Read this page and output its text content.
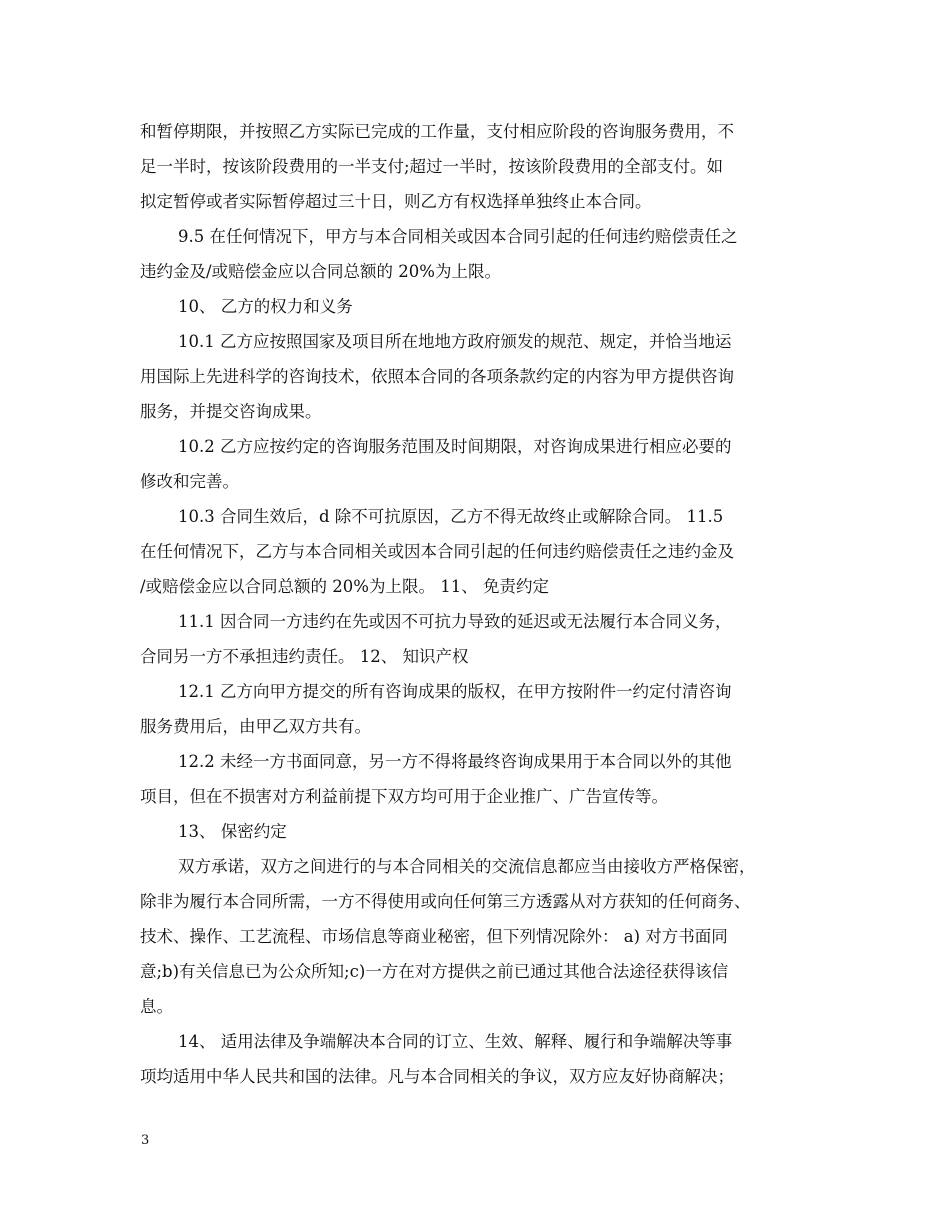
和暂停期限，并按照乙方实际已完成的工作量，支付相应阶段的咨询服务费用，不
足一半时，按该阶段费用的一半支付;超过一半时，按该阶段费用的全部支付。如
拟定暂停或者实际暂停超过三十日，则乙方有权选择单独终止本合同。
9.5 在任何情况下，甲方与本合同相关或因本合同引起的任何违约赔偿责任之
违约金及/或赔偿金应以合同总额的 20%为上限。
10、 乙方的权力和义务
10.1 乙方应按照国家及项目所在地地方政府颁发的规范、规定，并恰当地运
用国际上先进科学的咨询技术，依照本合同的各项条款约定的内容为甲方提供咨询
服务，并提交咨询成果。
10.2 乙方应按约定的咨询服务范围及时间期限，对咨询成果进行相应必要的
修改和完善。
10.3 合同生效后，d 除不可抗原因，乙方不得无故终止或解除合同。 11.5
在任何情况下，乙方与本合同相关或因本合同引起的任何违约赔偿责任之违约金及
/或赔偿金应以合同总额的 20%为上限。 11、 免责约定
11.1 因合同一方违约在先或因不可抗力导致的延迟或无法履行本合同义务，
合同另一方不承担违约责任。 12、 知识产权
12.1 乙方向甲方提交的所有咨询成果的版权，在甲方按附件一约定付清咨询
服务费用后，由甲乙双方共有。
12.2 未经一方书面同意，另一方不得将最终咨询成果用于本合同以外的其他
项目，但在不损害对方利益前提下双方均可用于企业推广、广告宣传等。
13、 保密约定
双方承诺，双方之间进行的与本合同相关的交流信息都应当由接收方严格保密，
除非为履行本合同所需，一方不得使用或向任何第三方透露从对方获知的任何商务、
技术、操作、工艺流程、市场信息等商业秘密，但下列情况除外： a) 对方书面同
意;b)有关信息已为公众所知;c)一方在对方提供之前已通过其他合法途径获得该信
息。
14、 适用法律及争端解决本合同的订立、生效、解释、履行和争端解决等事
项均适用中华人民共和国的法律。凡与本合同相关的争议，双方应友好协商解决；
3
